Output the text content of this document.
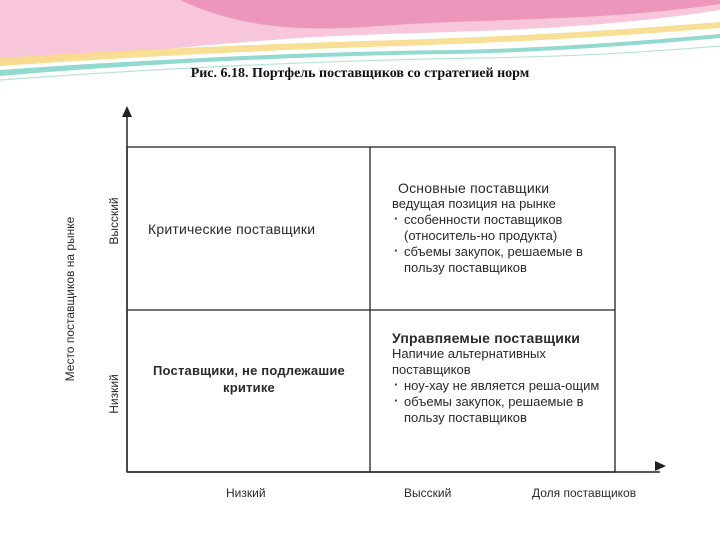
Рис. 6.18. Портфель поставщиков со стратегией норм
Место поставщиков на рынке	Высский
Низкий
Низкий	Высский	Доля поставщиков
Критические поставщики
Основные поставщики
ведущая позиция на рынке
· ссобенности поставщиков (относитель-но продукта)
· сбъемы закупок, решаемые в пользу поставщиков
Поставщики, не подлежашие критике
Управпяемые поставщики
Напичие альтернативных поставщиков
· ноу-хау не является реша-ощим
· объемы закупок, решаемые в пользу поставщиков
